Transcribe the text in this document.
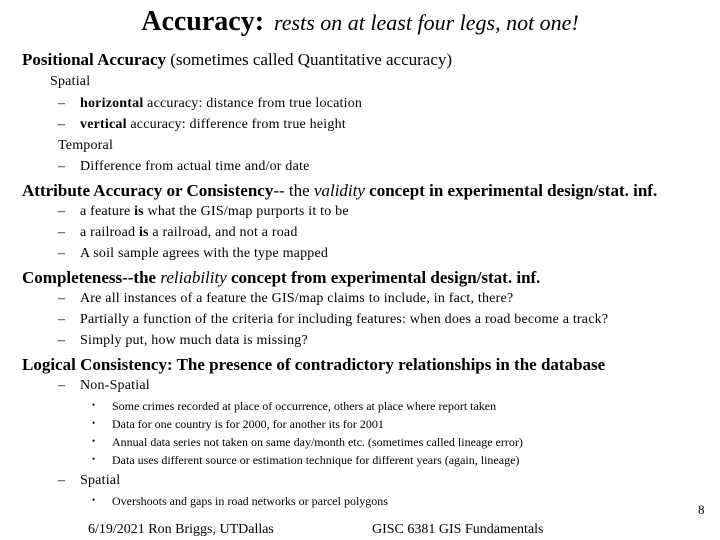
Accuracy: rests on at least four legs, not one!
Positional Accuracy (sometimes called Quantitative accuracy)
Spatial
– horizontal accuracy: distance from true location
– vertical accuracy: difference from true height
Temporal
– Difference from actual time and/or date
Attribute Accuracy or Consistency-- the validity concept in experimental design/stat. inf.
– a feature is what the GIS/map purports it to be
– a railroad is a railroad, and not a road
– A soil sample agrees with the type mapped
Completeness--the reliability concept from experimental design/stat. inf.
– Are all instances of a feature the GIS/map claims to include, in fact, there?
– Partially a function of the criteria for including features: when does a road become a track?
– Simply put, how much data is missing?
Logical Consistency: The presence of contradictory relationships in the database
– Non-Spatial
• Some crimes recorded at place of occurrence, others at place where report taken
• Data for one country is for 2000, for another its for 2001
• Annual data series not taken on same day/month etc. (sometimes called lineage error)
• Data uses different source or estimation technique for different years (again, lineage)
– Spatial
• Overshoots and gaps in road networks or parcel polygons
6/19/2021 Ron Briggs, UTDallas	GISC 6381 GIS Fundamentals
8
